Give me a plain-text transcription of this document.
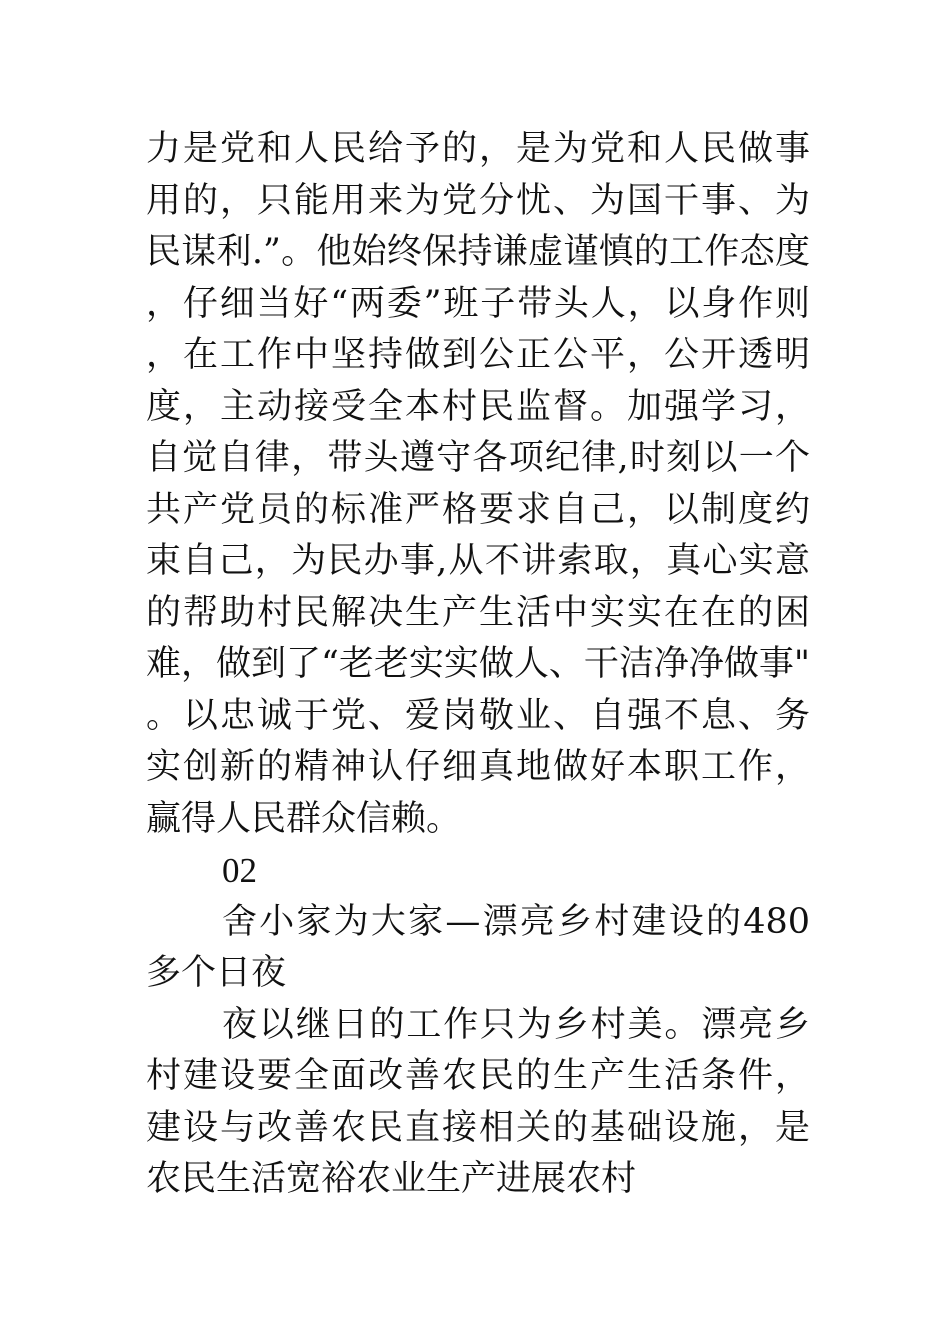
力是党和人民给予的，是为党和人民做事用的，只能用来为党分忧、为国干事、为民谋利.”。他始终保持谦虚谨慎的工作态度，仔细当好“两委”班子带头人，以身作则，在工作中坚持做到公正公平，公开透明度，主动接受全本村民监督。加强学习，自觉自律，带头遵守各项纪律,时刻以一个共产党员的标准严格要求自己，以制度约束自己，为民办事,从不讲索取，真心实意的帮助村民解决生产生活中实实在在的困难，做到了“老老实实做人、干洁净净做事"。以忠诚于党、爱岗敬业、自强不息、务实创新的精神认仔细真地做好本职工作，赢得人民群众信赖。

02

舍小家为大家—漂亮乡村建设的480多个日夜

夜以继日的工作只为乡村美。漂亮乡村建设要全面改善农民的生产生活条件，建设与改善农民直接相关的基础设施，是农民生活宽裕农业生产进展农村
